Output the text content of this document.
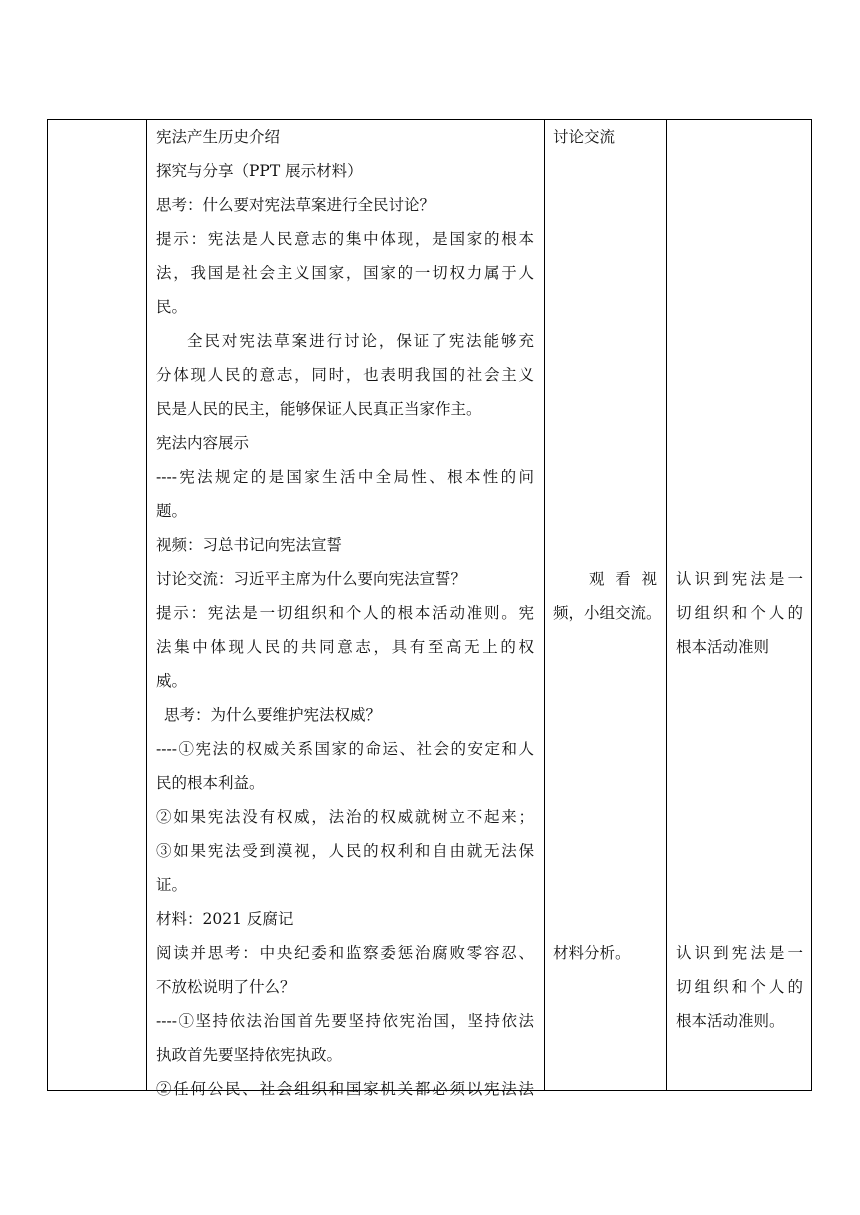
宪法产生历史介绍
探究与分享（PPT 展示材料）
思考：什么要对宪法草案进行全民讨论？
提示：宪法是人民意志的集中体现，是国家的根本
法，我国是社会主义国家，国家的一切权力属于人
民。
全民对宪法草案进行讨论，保证了宪法能够充
分体现人民的意志，同时，也表明我国的社会主义
民是人民的民主，能够保证人民真正当家作主。
宪法内容展示
----宪法规定的是国家生活中全局性、根本性的问
题。
视频：习总书记向宪法宣誓
讨论交流：习近平主席为什么要向宪法宣誓？
提示：宪法是一切组织和个人的根本活动准则。宪
法集中体现人民的共同意志，具有至高无上的权
威。
思考：为什么要维护宪法权威？
----①宪法的权威关系国家的命运、社会的安定和人
民的根本利益。
②如果宪法没有权威，法治的权威就树立不起来；
③如果宪法受到漠视，人民的权利和自由就无法保
证。
材料：2021 反腐记
阅读并思考：中央纪委和监察委惩治腐败零容忍、
不放松说明了什么？
----①坚持依法治国首先要坚持依宪治国，坚持依法
执政首先要坚持依宪执政。
②任何公民、社会组织和国家机关都必须以宪法法
讨论交流
观 看 视
频，小组交流。
材料分析。
认识到宪法是一
切组织和个人的
根本活动准则
认识到宪法是一
切组织和个人的
根本活动准则。
